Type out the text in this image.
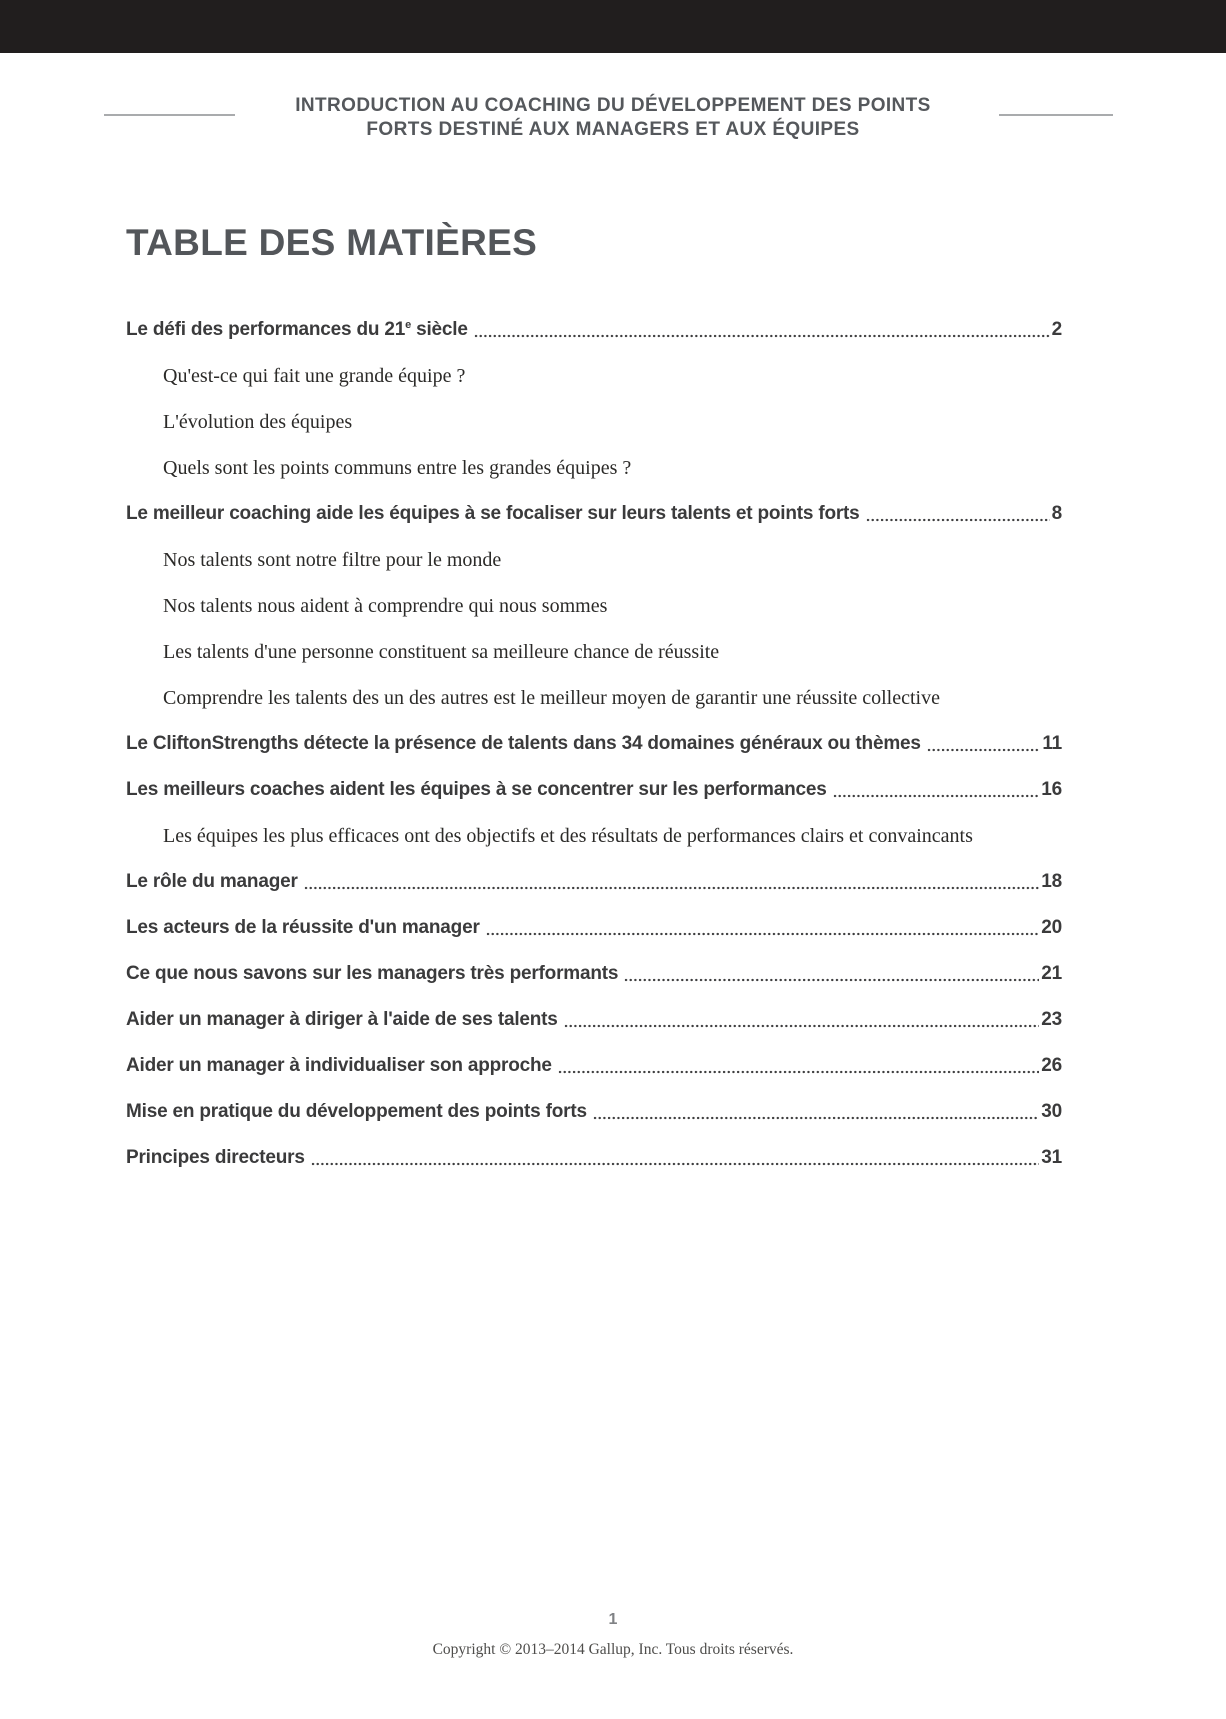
INTRODUCTION AU COACHING DU DÉVELOPPEMENT DES POINTS
FORTS DESTINÉ AUX MANAGERS ET AUX ÉQUIPES
TABLE DES MATIÈRES
Le défi des performances du 21e siècle	2
Qu'est-ce qui fait une grande équipe ?
L'évolution des équipes
Quels sont les points communs entre les grandes équipes ?
Le meilleur coaching aide les équipes à se focaliser sur leurs talents et points forts	8
Nos talents sont notre filtre pour le monde
Nos talents nous aident à comprendre qui nous sommes
Les talents d'une personne constituent sa meilleure chance de réussite
Comprendre les talents des un des autres est le meilleur moyen de garantir une réussite collective
Le CliftonStrengths détecte la présence de talents dans 34 domaines généraux ou thèmes	11
Les meilleurs coaches aident les équipes à se concentrer sur les performances	16
Les équipes les plus efficaces ont des objectifs et des résultats de performances clairs et convaincants
Le rôle du manager	18
Les acteurs de la réussite d'un manager	20
Ce que nous savons sur les managers très performants	21
Aider un manager à diriger à l'aide de ses talents	23
Aider un manager à individualiser son approche	26
Mise en pratique du développement des points forts	30
Principes directeurs	31
1
Copyright © 2013–2014 Gallup, Inc. Tous droits réservés.
